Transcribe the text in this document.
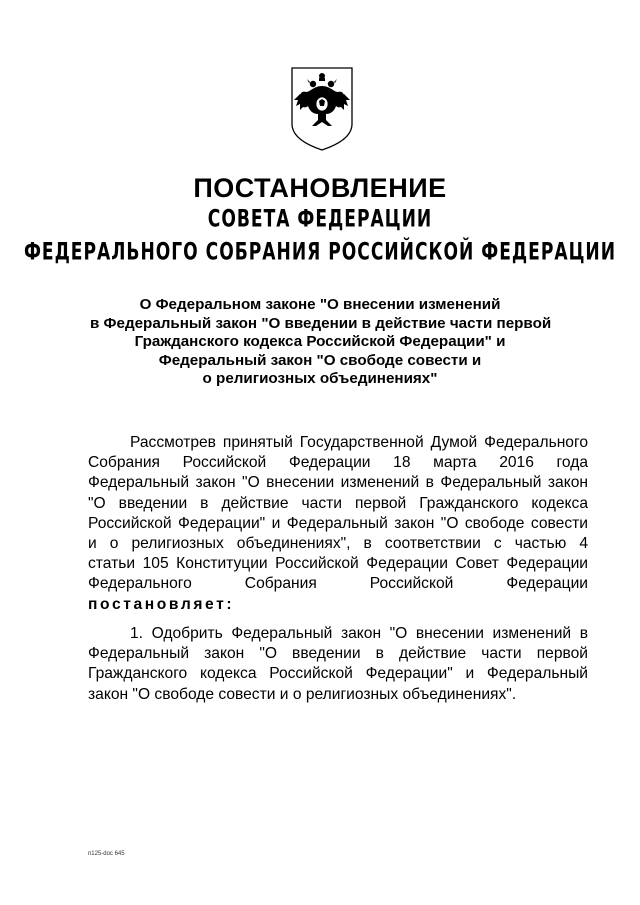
ПОСТАНОВЛЕНИЕ
СОВЕТА ФЕДЕРАЦИИ
ФЕДЕРАЛЬНОГО СОБРАНИЯ РОССИЙСКОЙ ФЕДЕРАЦИИ
О Федеральном законе "О внесении изменений
в Федеральный закон "О введении в действие части первой
Гражданского кодекса Российской Федерации" и
Федеральный закон "О свободе совести и
о религиозных объединениях"
Рассмотрев принятый Государственной Думой Федерального
Собрания Российской Федерации 18 марта 2016 года
Федеральный закон "О внесении изменений в Федеральный закон
"О введении в действие части первой Гражданского кодекса
Российской Федерации" и Федеральный закон "О свободе совести
и о религиозных объединениях", в соответствии с частью 4
статьи 105 Конституции Российской Федерации Совет Федерации
Федерального Собрания Российской Федерации
постановляет:
1. Одобрить Федеральный закон "О внесении изменений в
Федеральный закон "О введении в действие части первой
Гражданского кодекса Российской Федерации" и Федеральный
закон "О свободе совести и о религиозных объединениях".
п125-doc 645
